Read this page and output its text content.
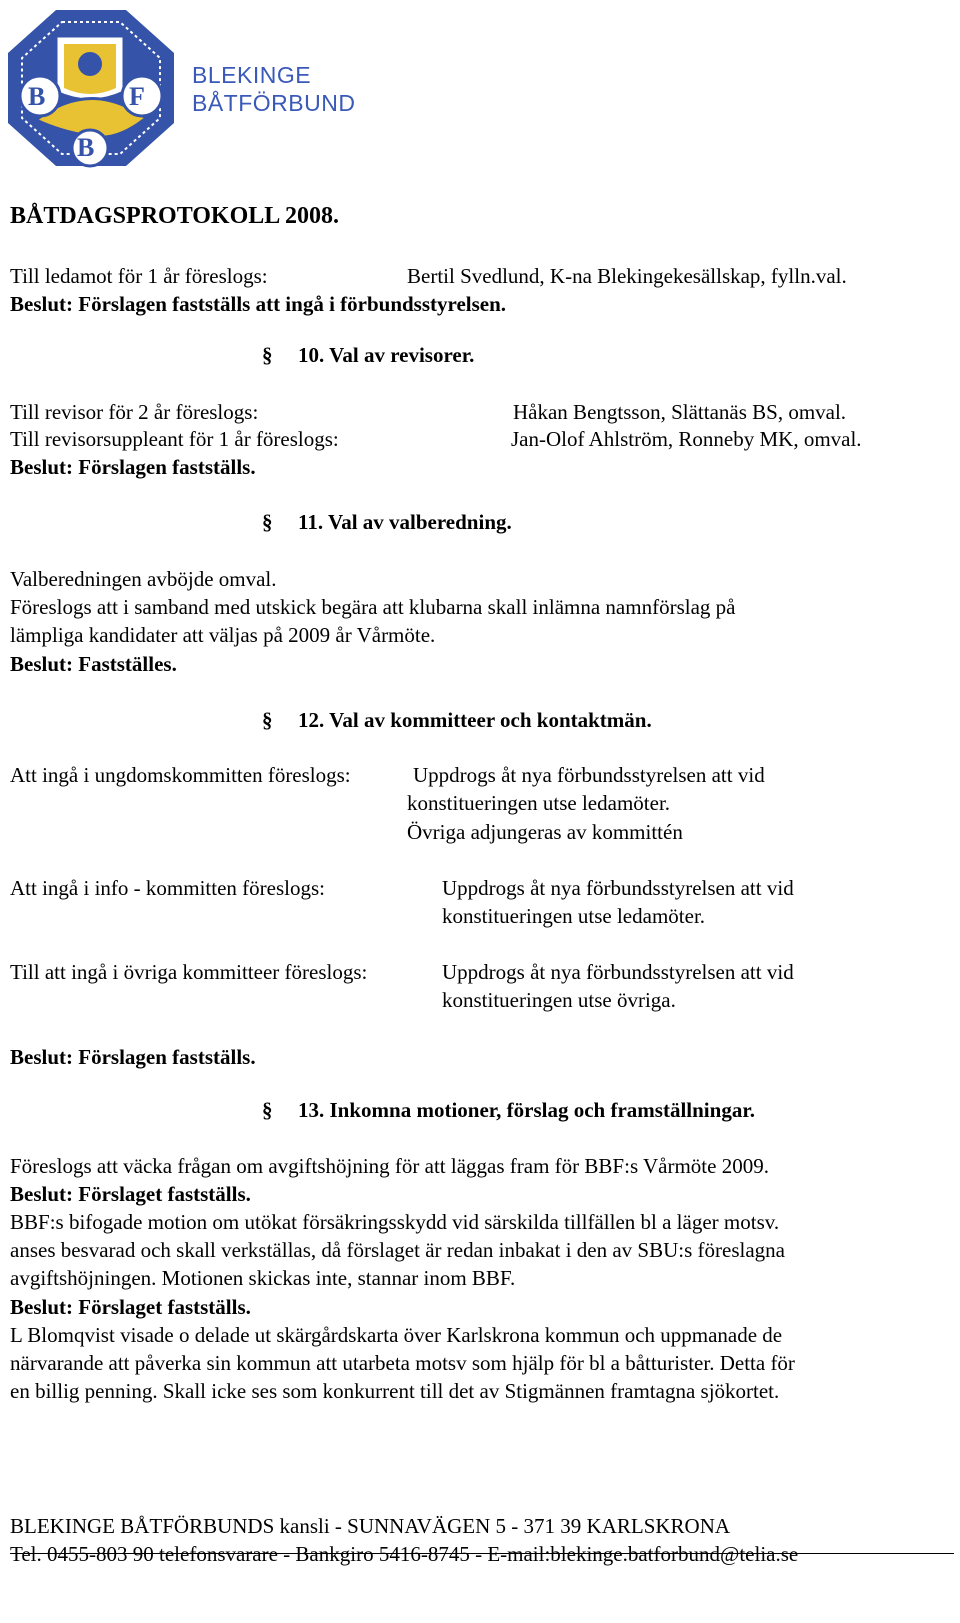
B	F
B
BLEKINGE
BÅTFÖRBUND
BÅTDAGSPROTOKOLL 2008.
Till ledamot för 1 år föreslogs:	Bertil Svedlund, K-na Blekingekesällskap, fylln.val.
Beslut: Förslagen fastställs att ingå i förbundsstyrelsen.
§ 10. Val av revisorer.
Till revisor för 2 år föreslogs:	Håkan Bengtsson, Slättanäs BS, omval.
Till revisorsuppleant för 1 år föreslogs:	Jan-Olof Ahlström, Ronneby MK, omval.
Beslut: Förslagen fastställs.
§ 11. Val av valberedning.
Valberedningen avböjde omval.
Föreslogs att i samband med utskick begära att klubarna skall inlämna namnförslag på
lämpliga kandidater att väljas på 2009 år Vårmöte.
Beslut: Fastställes.
§ 12. Val av kommitteer och kontaktmän.
Att ingå i ungdomskommitten föreslogs:	Uppdrogs åt nya förbundsstyrelsen att vid
konstitueringen utse ledamöter.
Övriga adjungeras av kommittén
Att ingå i info - kommitten föreslogs:	Uppdrogs åt nya förbundsstyrelsen att vid
konstitueringen utse ledamöter.
Till att ingå i övriga kommitteer föreslogs:	Uppdrogs åt nya förbundsstyrelsen att vid
konstitueringen utse övriga.
Beslut: Förslagen fastställs.
§ 13. Inkomna motioner, förslag och framställningar.
Föreslogs att väcka frågan om avgiftshöjning för att läggas fram för BBF:s Vårmöte 2009.
Beslut: Förslaget fastställs.
BBF:s bifogade motion om utökat försäkringsskydd vid särskilda tillfällen bl a läger motsv.
anses besvarad och skall verkställas, då förslaget är redan inbakat i den av SBU:s föreslagna
avgiftshöjningen. Motionen skickas inte, stannar inom BBF.
Beslut: Förslaget fastställs.
L Blomqvist visade o delade ut skärgårdskarta över Karlskrona kommun och uppmanade de
närvarande att påverka sin kommun att utarbeta motsv som hjälp för bl a båtturister. Detta för
en billig penning. Skall icke ses som konkurrent till det av Stigmännen framtagna sjökortet.
BLEKINGE BÅTFÖRBUNDS kansli - SUNNAVÄGEN 5 - 371 39 KARLSKRONA
Tel. 0455-803 90 telefonsvarare - Bankgiro 5416-8745 - E-mail:blekinge.batforbund@telia.se
